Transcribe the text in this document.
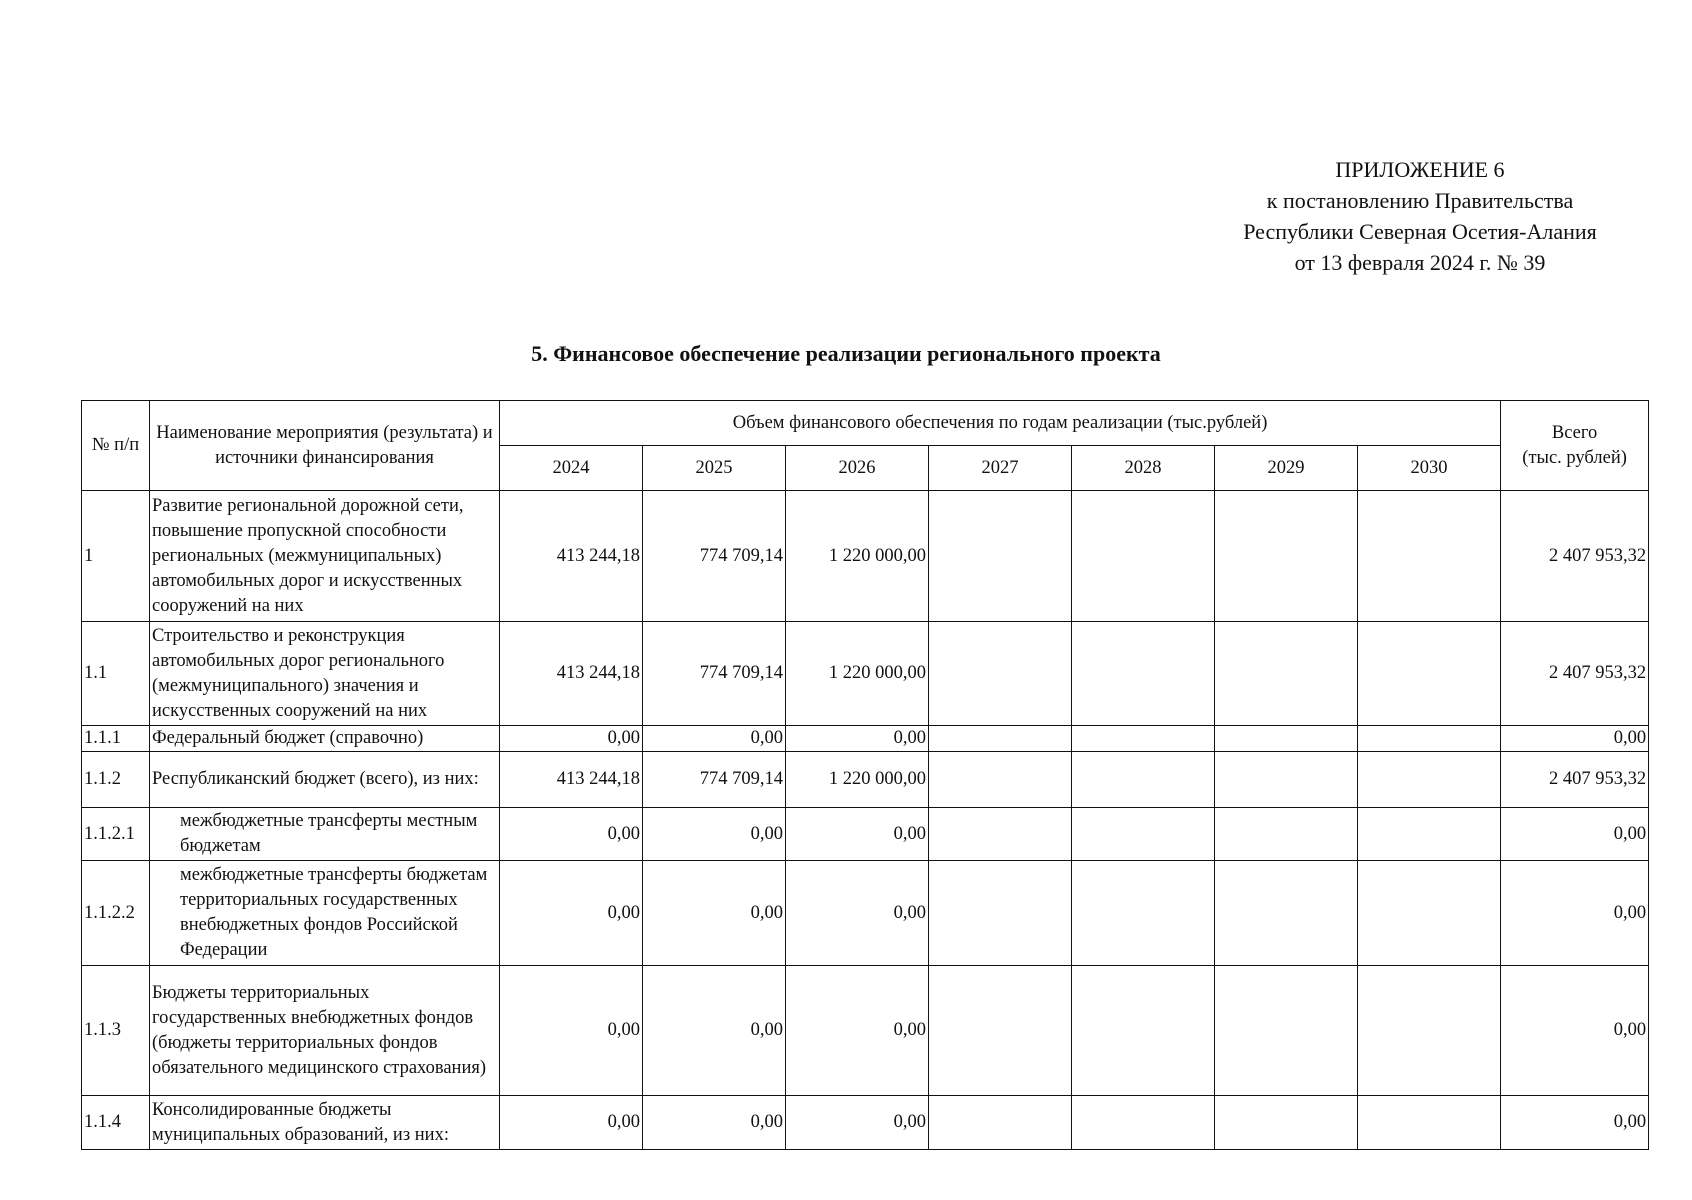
ПРИЛОЖЕНИЕ 6
к постановлению Правительства
Республики Северная Осетия-Алания
от 13 февраля 2024 г. № 39
5. Финансовое обеспечение реализации регионального проекта
№ п/п	Наименование мероприятия (результата) и источники финансирования	Объем финансового обеспечения по годам реализации (тыс.рублей)							Всего
(тыс. рублей)

		2024	2025	2026	2027	2028	2029	2030	
1	Развитие региональной дорожной сети, повышение пропускной способности региональных (межмуниципальных) автомобильных дорог и искусственных сооружений на них	413 244,18	774 709,14	1 220 000,00					2 407 953,32
1.1	Строительство и реконструкция автомобильных дорог регионального (межмуниципального) значения и искусственных сооружений на них	413 244,18	774 709,14	1 220 000,00					2 407 953,32
1.1.1	Федеральный бюджет (справочно)	0,00	0,00	0,00					0,00
1.1.2	Республиканский бюджет (всего), из них:	413 244,18	774 709,14	1 220 000,00					2 407 953,32
1.1.2.1	межбюджетные трансферты местным бюджетам	0,00	0,00	0,00					0,00
1.1.2.2	межбюджетные трансферты бюджетам территориальных государственных внебюджетных фондов Российской Федерации	0,00	0,00	0,00					0,00
1.1.3	Бюджеты территориальных государственных внебюджетных фондов (бюджеты территориальных фондов обязательного медицинского страхования)	0,00	0,00	0,00					0,00
1.1.4	Консолидированные бюджеты муниципальных образований, из них:	0,00	0,00	0,00					0,00
